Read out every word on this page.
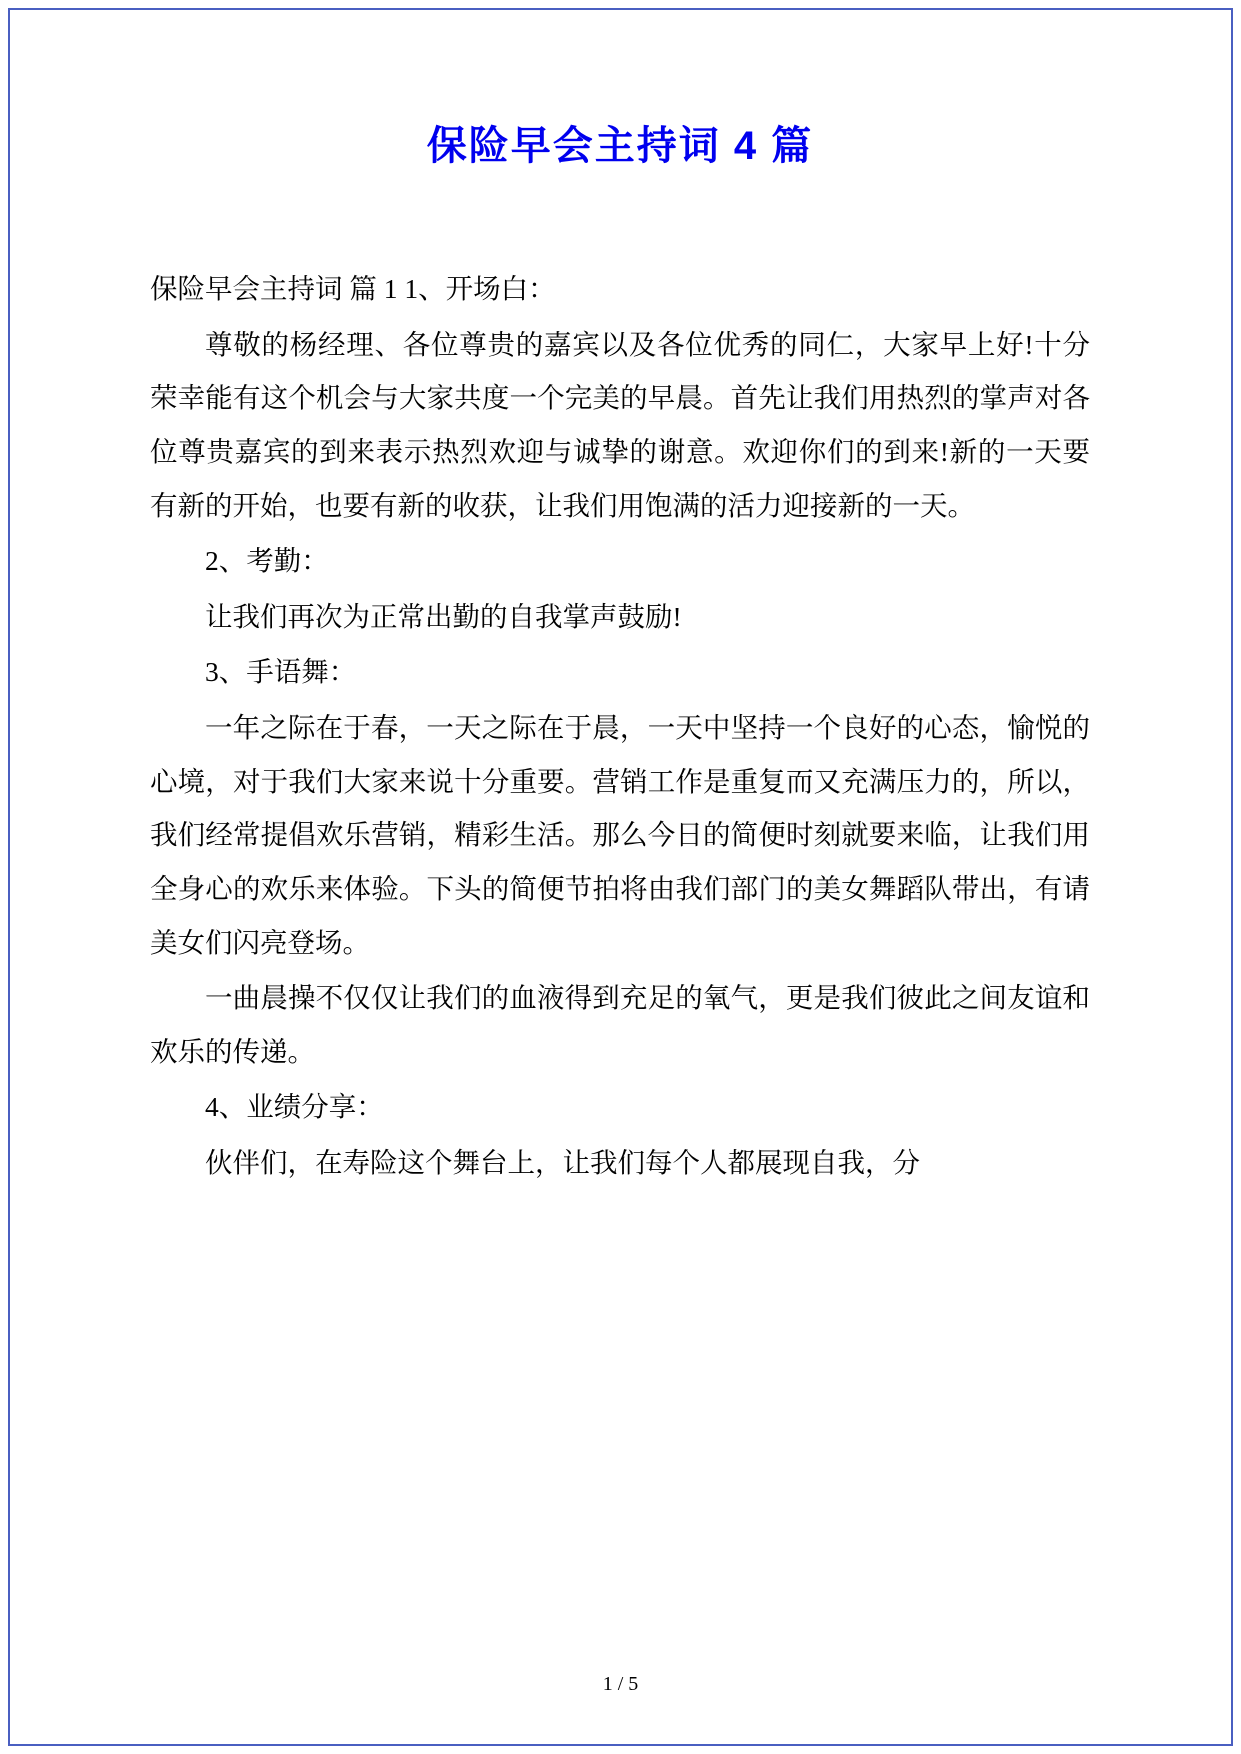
保险早会主持词 4 篇

保险早会主持词 篇 1 1、开场白：

尊敬的杨经理、各位尊贵的嘉宾以及各位优秀的同仁，大家早上好!十分荣幸能有这个机会与大家共度一个完美的早晨。首先让我们用热烈的掌声对各位尊贵嘉宾的到来表示热烈欢迎与诚挚的谢意。欢迎你们的到来!新的一天要有新的开始，也要有新的收获，让我们用饱满的活力迎接新的一天。

2、考勤：

让我们再次为正常出勤的自我掌声鼓励!

3、手语舞：

一年之际在于春，一天之际在于晨，一天中坚持一个良好的心态，愉悦的心境，对于我们大家来说十分重要。营销工作是重复而又充满压力的，所以，我们经常提倡欢乐营销，精彩生活。那么今日的简便时刻就要来临，让我们用全身心的欢乐来体验。下头的简便节拍将由我们部门的美女舞蹈队带出，有请美女们闪亮登场。

一曲晨操不仅仅让我们的血液得到充足的氧气，更是我们彼此之间友谊和欢乐的传递。

4、业绩分享：

伙伴们，在寿险这个舞台上，让我们每个人都展现自我，分

1 / 5
